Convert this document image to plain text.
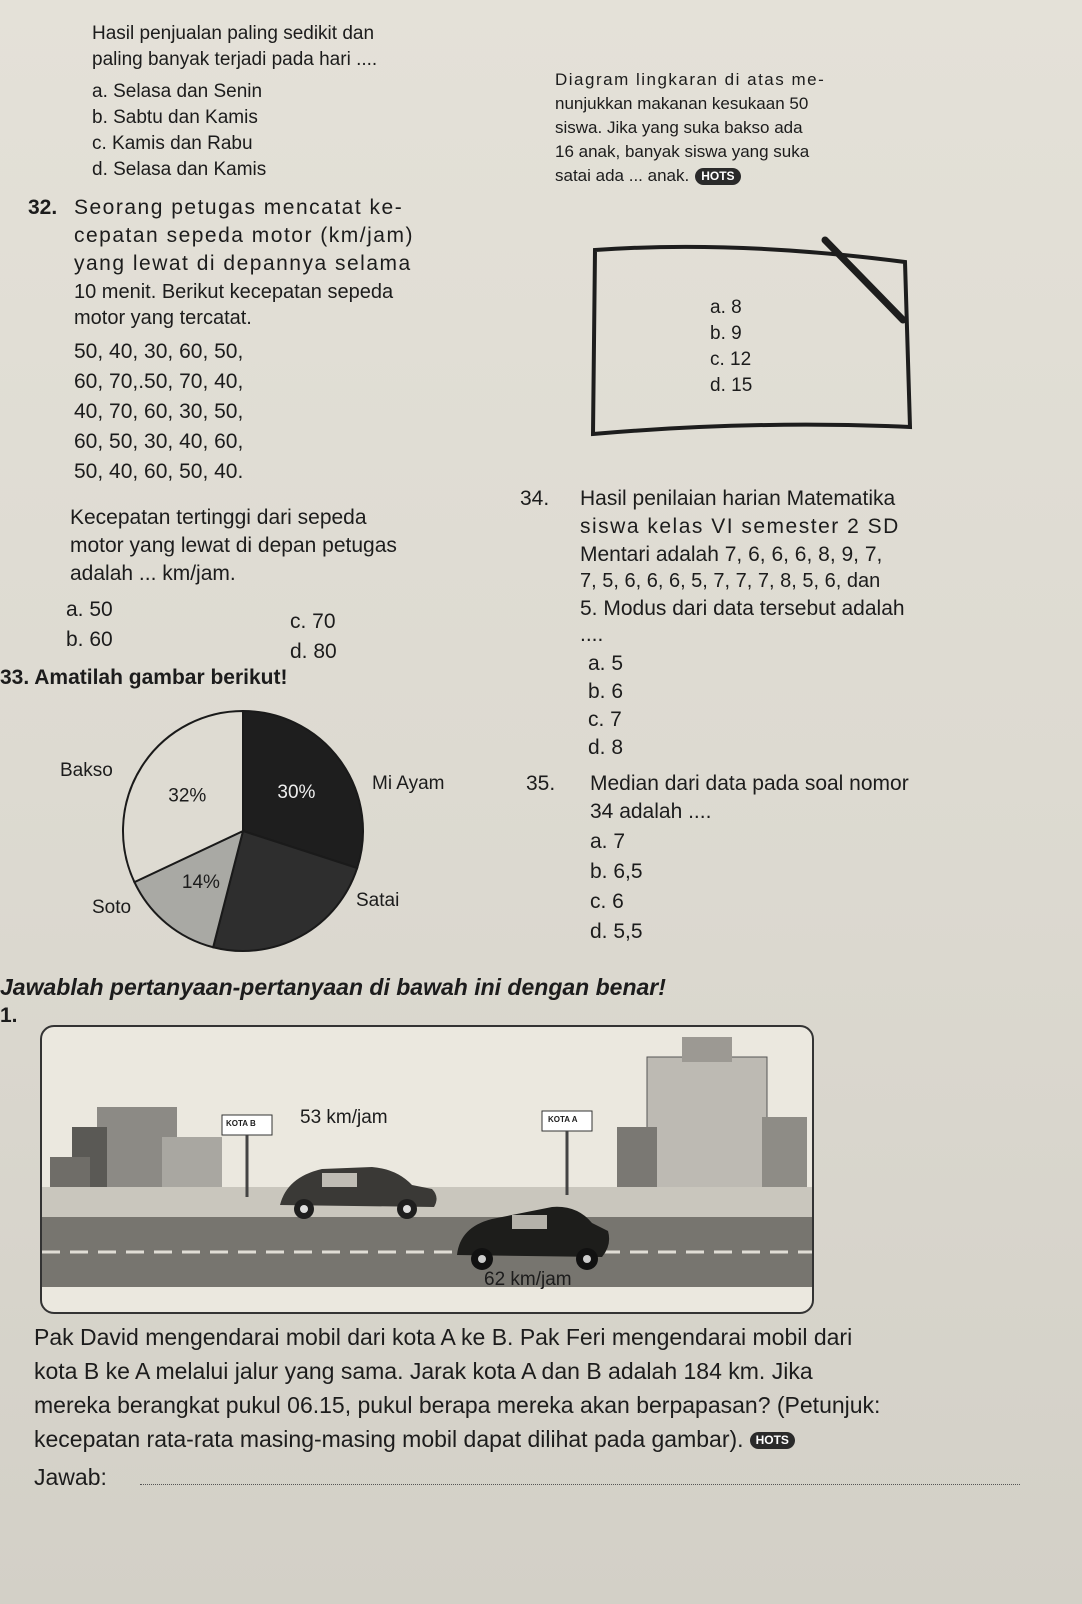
Hasil penjualan paling sedikit dan
paling banyak terjadi pada hari ....
a. Selasa dan Senin
b. Sabtu dan Kamis
c. Kamis dan Rabu
d. Selasa dan Kamis
Diagram lingkaran di atas me-
nunjukkan makanan kesukaan 50
siswa. Jika yang suka bakso ada
16 anak, banyak siswa yang suka
satai ada ... anak. HOTS
a. 8
b. 9
c. 12
d. 15
32. Seorang petugas mencatat ke-
cepatan sepeda motor (km/jam)
yang lewat di depannya selama
10 menit. Berikut kecepatan sepeda
motor yang tercatat.
50, 40, 30, 60, 50,
60, 70,.50, 70, 40,
40, 70, 60, 30, 50,
60, 50, 30, 40, 60,
50, 40, 60, 50, 40.
Kecepatan tertinggi dari sepeda
motor yang lewat di depan petugas
adalah ... km/jam.
a. 50
b. 60
c. 70
d. 80
33. Amatilah gambar berikut!
30%
14%
32%
Bakso
Mi Ayam
Satai
Soto
34. Hasil penilaian harian Matematika
siswa kelas VI semester 2 SD
Mentari adalah 7, 6, 6, 6, 8, 9, 7,
7, 5, 6, 6, 6, 5, 7, 7, 7, 8, 5, 6, dan
5. Modus dari data tersebut adalah
....
a. 5
b. 6
c. 7
d. 8
35. Median dari data pada soal nomor
34 adalah ....
a. 7
b. 6,5
c. 6
d. 5,5
Jawablah pertanyaan-pertanyaan di bawah ini dengan benar!
1.
KOTA B	KOTA A
53 km/jam
62 km/jam
Pak David mengendarai mobil dari kota A ke B. Pak Feri mengendarai mobil dari
kota B ke A melalui jalur yang sama. Jarak kota A dan B adalah 184 km. Jika
mereka berangkat pukul 06.15, pukul berapa mereka akan berpapasan? (Petunjuk:
kecepatan rata-rata masing-masing mobil dapat dilihat pada gambar). HOTS
Jawab:
